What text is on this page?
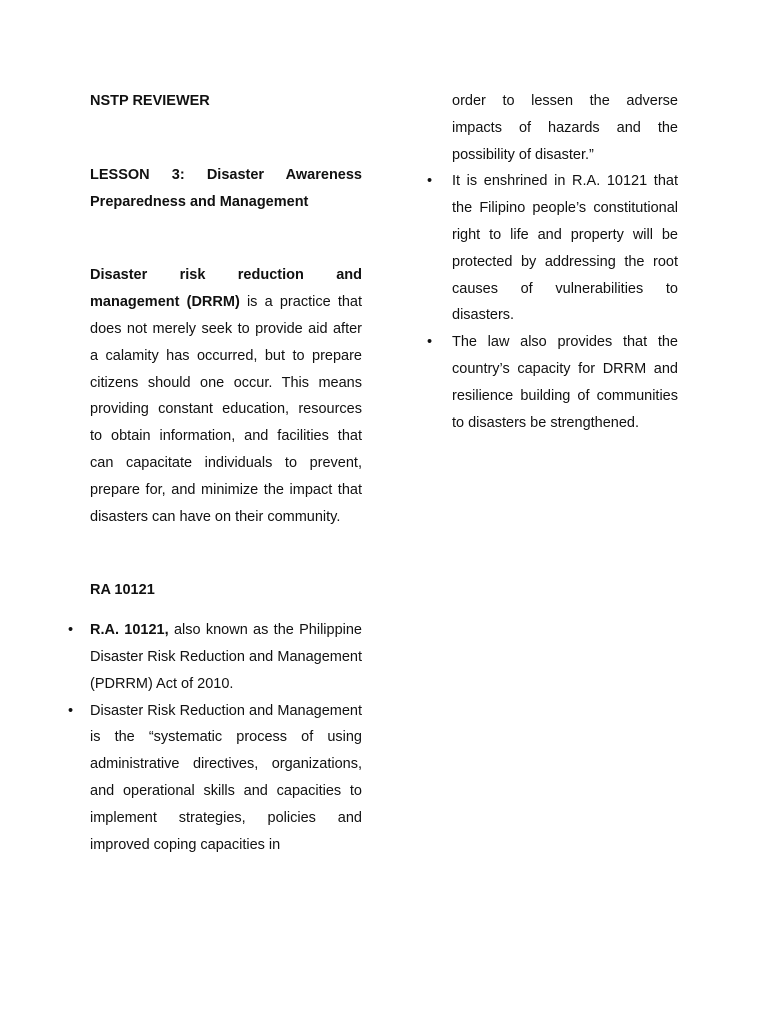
NSTP REVIEWER

LESSON 3: Disaster Awareness Preparedness and Management

Disaster risk reduction and management (DRRM) is a practice that does not merely seek to provide aid after a calamity has occurred, but to prepare citizens should one occur. This means providing constant education, resources to obtain information, and facilities that can capacitate individuals to prevent, prepare for, and minimize the impact that disasters can have on their community.

RA 10121

• R.A. 10121, also known as the Philippine Disaster Risk Reduction and Management (PDRRM) Act of 2010.
• Disaster Risk Reduction and Management is the “systematic process of using administrative directives, organizations, and operational skills and capacities to implement strategies, policies and improved coping capacities in

order to lessen the adverse impacts of hazards and the possibility of disaster.”

• It is enshrined in R.A. 10121 that the Filipino people’s constitutional right to life and property will be protected by addressing the root causes of vulnerabilities to disasters.
• The law also provides that the country’s capacity for DRRM and resilience building of communities to disasters be strengthened.
